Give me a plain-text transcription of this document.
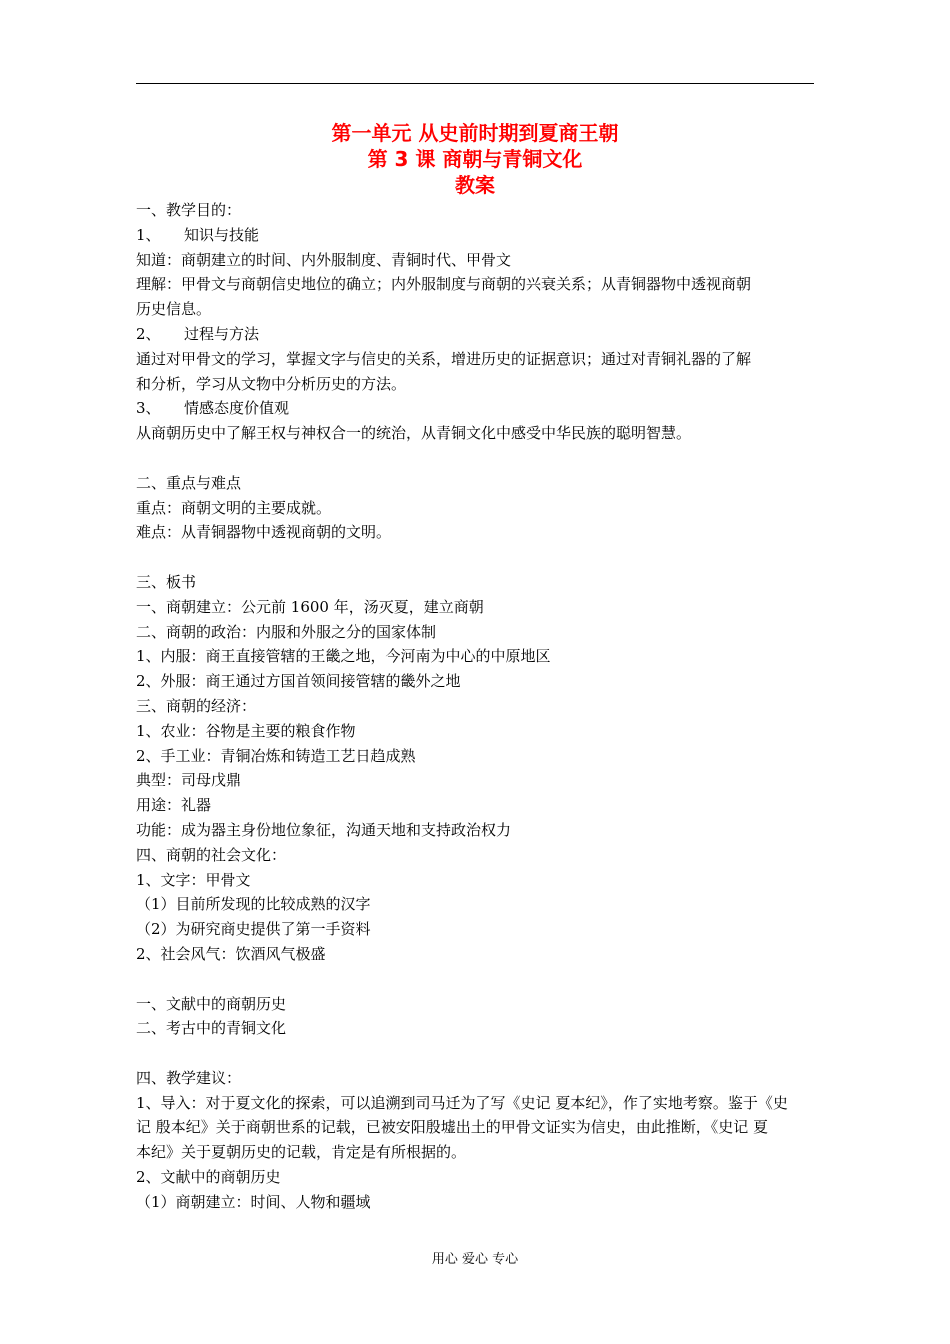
第一单元 从史前时期到夏商王朝
第 3 课 商朝与青铜文化
教案
一、教学目的：
1、 知识与技能
知道：商朝建立的时间、内外服制度、青铜时代、甲骨文
理解：甲骨文与商朝信史地位的确立；内外服制度与商朝的兴衰关系；从青铜器物中透视商朝
历史信息。
2、 过程与方法
通过对甲骨文的学习，掌握文字与信史的关系，增进历史的证据意识；通过对青铜礼器的了解
和分析，学习从文物中分析历史的方法。
3、 情感态度价值观
从商朝历史中了解王权与神权合一的统治，从青铜文化中感受中华民族的聪明智慧。
二、重点与难点
重点：商朝文明的主要成就。
难点：从青铜器物中透视商朝的文明。
三、板书
一、商朝建立：公元前 1600 年，汤灭夏，建立商朝
二、商朝的政治：内服和外服之分的国家体制
1、内服：商王直接管辖的王畿之地，今河南为中心的中原地区
2、外服：商王通过方国首领间接管辖的畿外之地
三、商朝的经济：
1、农业：谷物是主要的粮食作物
2、手工业：青铜冶炼和铸造工艺日趋成熟
典型：司母戊鼎
用途：礼器
功能：成为器主身份地位象征，沟通天地和支持政治权力
四、商朝的社会文化：
1、文字：甲骨文
（1）目前所发现的比较成熟的汉字
（2）为研究商史提供了第一手资料
2、社会风气：饮酒风气极盛
一、文献中的商朝历史
二、考古中的青铜文化
四、教学建议：
1、导入：对于夏文化的探索，可以追溯到司马迁为了写《史记 夏本纪》，作了实地考察。鉴于《史
记 殷本纪》关于商朝世系的记载，已被安阳殷墟出土的甲骨文证实为信史，由此推断，《史记 夏
本纪》关于夏朝历史的记载，肯定是有所根据的。
2、文献中的商朝历史
（1）商朝建立：时间、人物和疆域
用心 爱心 专心
